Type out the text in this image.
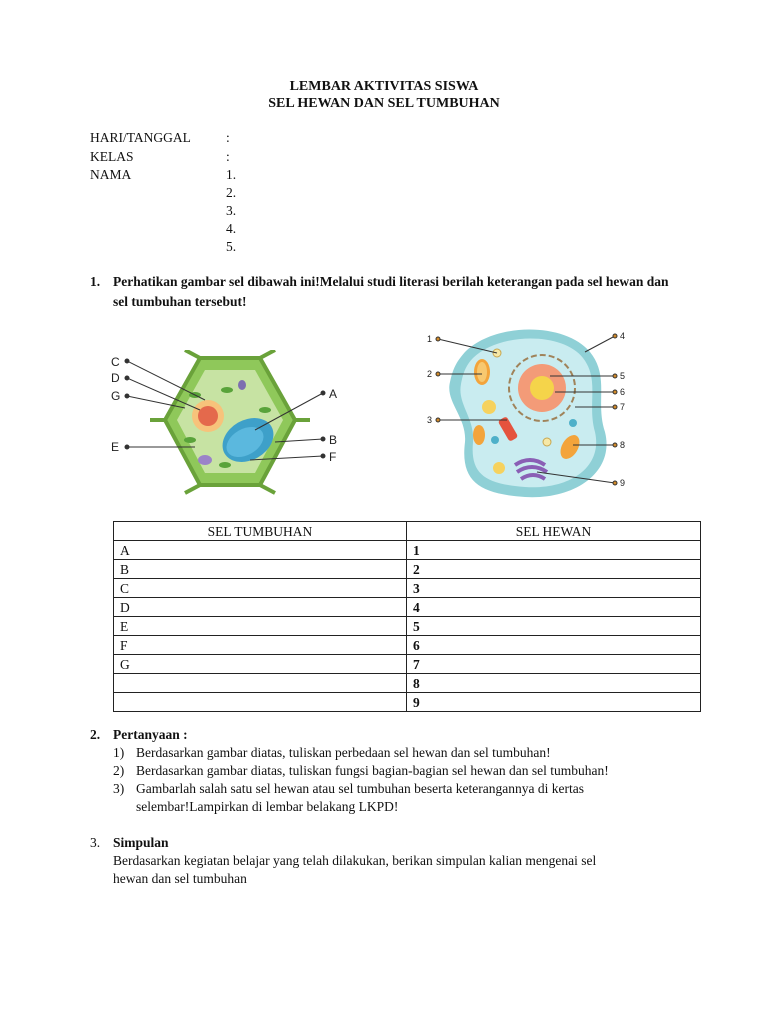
LEMBAR AKTIVITAS SISWA
SEL HEWAN DAN SEL TUMBUHAN
HARI/TANGGAL	:
KELAS	:
NAMA	1.
2.
3.
4.
5.
1. Perhatikan gambar sel dibawah ini!Melalui studi literasi berilah keterangan pada sel hewan dan sel tumbuhan tersebut!
C
D
G
E
A
B
F
1
2
3
4
5
6
7
8
9
SEL TUMBUHAN	SEL HEWAN
A	1
B	2
C	3
D	4
E	5
F	6
G	7
	8
	9
2. Pertanyaan :
1) Berdasarkan gambar diatas, tuliskan perbedaan sel hewan dan sel tumbuhan!
2) Berdasarkan gambar diatas, tuliskan fungsi bagian-bagian sel hewan dan sel tumbuhan!
3) Gambarlah salah satu sel hewan atau sel tumbuhan beserta keterangannya di kertas
selembar!Lampirkan di lembar belakang LKPD!
3. Simpulan
Berdasarkan kegiatan belajar yang telah dilakukan, berikan simpulan kalian mengenai sel
hewan dan sel tumbuhan
